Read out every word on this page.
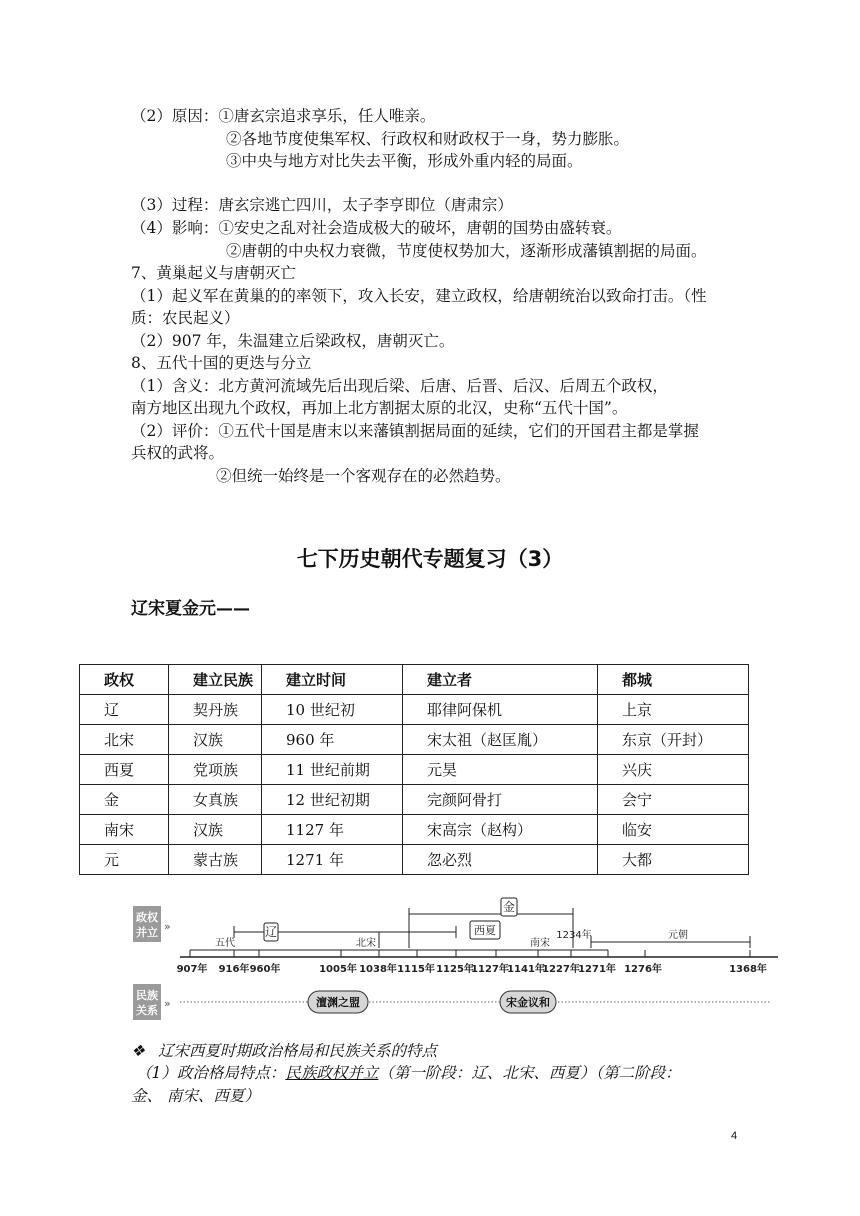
（2）原因：①唐玄宗追求享乐，任人唯亲。
②各地节度使集军权、行政权和财政权于一身，势力膨胀。
③中央与地方对比失去平衡，形成外重内轻的局面。
（3）过程：唐玄宗逃亡四川，太子李亨即位（唐肃宗）
（4）影响：①安史之乱对社会造成极大的破坏，唐朝的国势由盛转衰。
②唐朝的中央权力衰微，节度使权势加大，逐渐形成藩镇割据的局面。
7、黄巢起义与唐朝灭亡
（1）起义军在黄巢的的率领下，攻入长安，建立政权，给唐朝统治以致命打击。（性
质：农民起义）
（2）907 年，朱温建立后梁政权，唐朝灭亡。
8、五代十国的更迭与分立
（1）含义：北方黄河流域先后出现后梁、后唐、后晋、后汉、后周五个政权，
南方地区出现九个政权，再加上北方割据太原的北汉，史称“五代十国”。
（2）评价：①五代十国是唐末以来藩镇割据局面的延续，它们的开国君主都是掌握
兵权的武将。
②但统一始终是一个客观存在的必然趋势。
七下历史朝代专题复习（3）
辽宋夏金元——
政权	建立民族	建立时间	建立者	都城
辽	契丹族	10 世纪初	耶律阿保机	上京
北宋	汉族	960 年	宋太祖（赵匡胤）	东京（开封）
西夏	党项族	11 世纪前期	元昊	兴庆
金	女真族	12 世纪初期	完颜阿骨打	会宁
南宋	汉族	1127 年	宋高宗（赵构）	临安
元	蒙古族	1271 年	忽必烈	大都
政权
并立 »
民族
关系
»
辽
金
西夏
五代	北宋	南宋
1234年	元朝
907年 916年 960年	1005年 1038年 1115年 1125年
1127年
1141年
1227年
1271年 1276年	1368年
澶渊之盟	宋金议和
❖ 辽宋西夏时期政治格局和民族关系的特点
（1）政治格局特点：民族政权并立（第一阶段：辽、北宋、西夏）（第二阶段：
金、 南宋、西夏）
4
